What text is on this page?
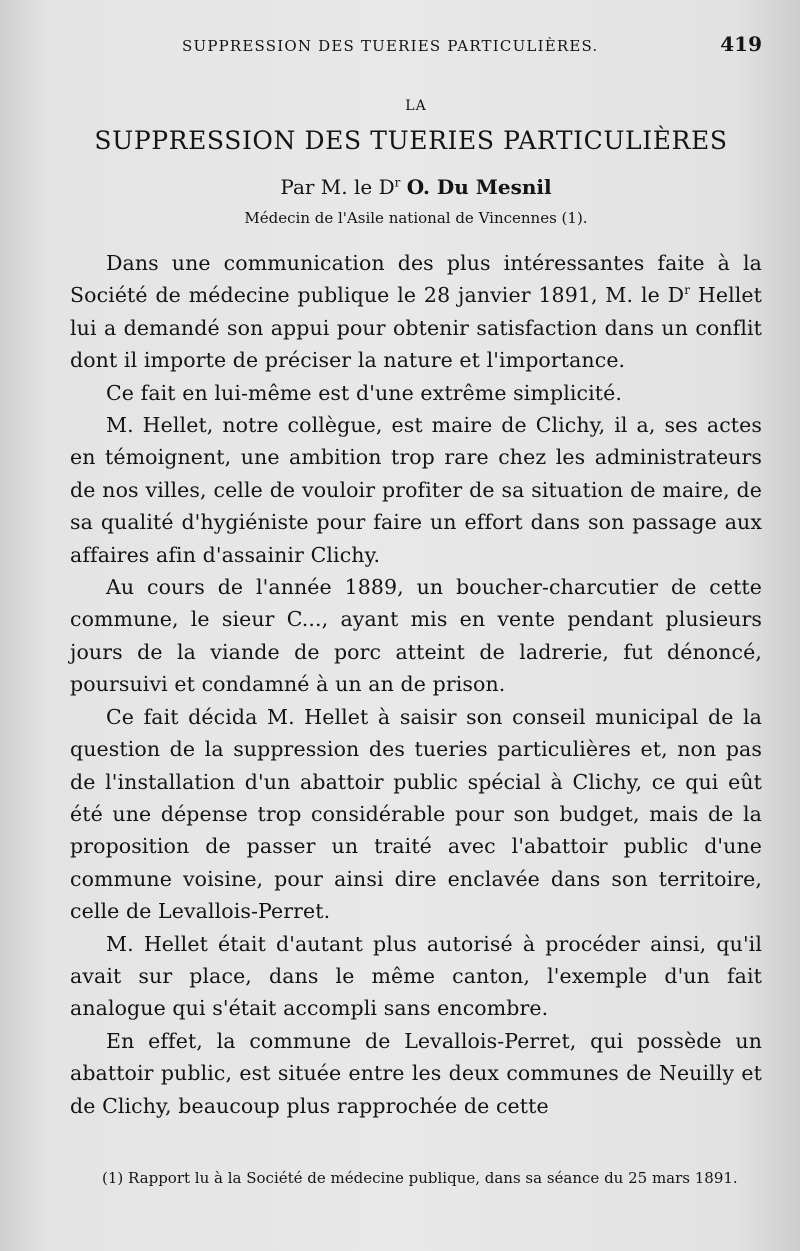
SUPPRESSION DES TUERIES PARTICULIÈRES.	419
LA
SUPPRESSION DES TUERIES PARTICULIÈRES
Par M. le $D^r$ O. Du Mesnil
Médecin de l'Asile national de Vincennes (1).

Dans une communication des plus intéressantes faite à la Société de médecine publique le 28 janvier 1891, M. le $D^r$ Hellet lui a demandé son appui pour obtenir satisfaction dans un conflit dont il importe de préciser la nature et l'importance.

Ce fait en lui-même est d'une extrême simplicité.

M. Hellet, notre collègue, est maire de Clichy, il a, ses actes en témoignent, une ambition trop rare chez les administrateurs de nos villes, celle de vouloir profiter de sa situation de maire, de sa qualité d'hygiéniste pour faire un effort dans son passage aux affaires afin d'assainir Clichy.

Au cours de l'année 1889, un boucher-charcutier de cette commune, le sieur C..., ayant mis en vente pendant plusieurs jours de la viande de porc atteint de ladrerie, fut dénoncé, poursuivi et condamné à un an de prison.

Ce fait décida M. Hellet à saisir son conseil municipal de la question de la suppression des tueries particulières et, non pas de l'installation d'un abattoir public spécial à Clichy, ce qui eût été une dépense trop considérable pour son budget, mais de la proposition de passer un traité avec l'abattoir public d'une commune voisine, pour ainsi dire enclavée dans son territoire, celle de Levallois-Perret.

M. Hellet était d'autant plus autorisé à procéder ainsi, qu'il avait sur place, dans le même canton, l'exemple d'un fait analogue qui s'était accompli sans encombre.

En effet, la commune de Levallois-Perret, qui possède un abattoir public, est située entre les deux communes de Neuilly et de Clichy, beaucoup plus rapprochée de cette

(1) Rapport lu à la Société de médecine publique, dans sa séance du 25 mars 1891.
